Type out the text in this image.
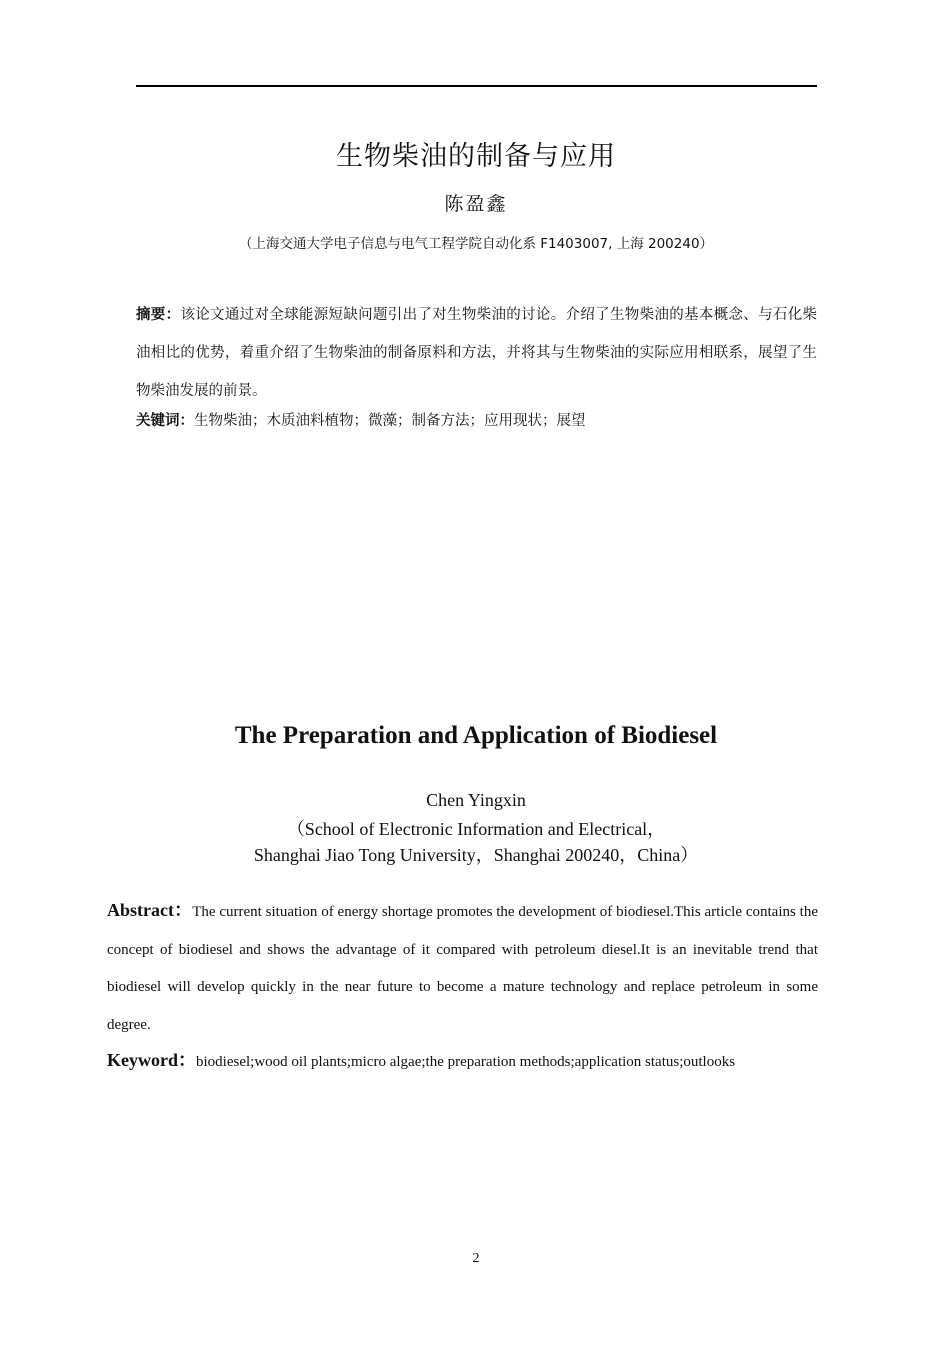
生物柴油的制备与应用
陈盈鑫
（上海交通大学电子信息与电气工程学院自动化系 F1403007, 上海 200240）
摘要：该论文通过对全球能源短缺问题引出了对生物柴油的讨论。介绍了生物柴油的基本概念、与石化柴油相比的优势，着重介绍了生物柴油的制备原料和方法，并将其与生物柴油的实际应用相联系，展望了生物柴油发展的前景。
关键词：生物柴油；木质油料植物；微藻；制备方法；应用现状；展望
The Preparation and Application of Biodiesel
Chen Yingxin
（School of Electronic Information and Electrical，
Shanghai Jiao Tong University，Shanghai 200240，China）
Abstract：The current situation of energy shortage promotes the development of biodiesel.This article contains the concept of biodiesel and shows the advantage of it compared with petroleum diesel.It is an inevitable trend that biodiesel will develop quickly in the near future to become a mature technology and replace petroleum in some degree.
Keyword：biodiesel;wood oil plants;micro algae;the preparation methods;application status;outlooks
2
